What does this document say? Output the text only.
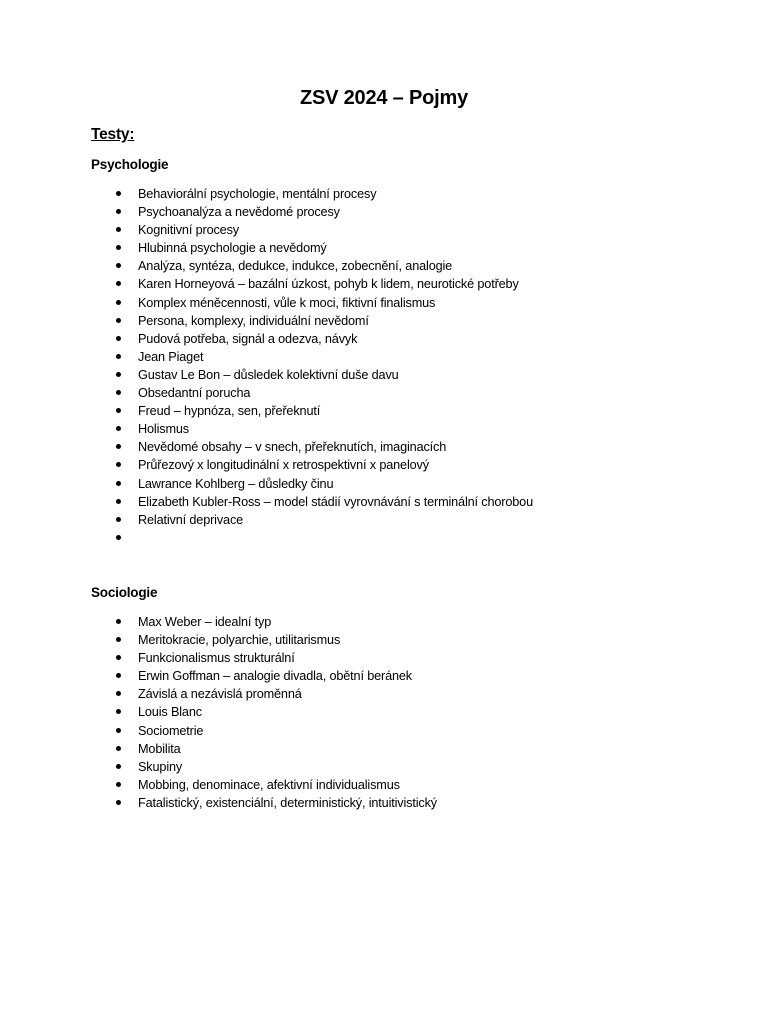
ZSV 2024 – Pojmy
Testy:
Psychologie
Behaviorální psychologie, mentální procesy
Psychoanalýza a nevědomé procesy
Kognitivní procesy
Hlubinná psychologie a nevědomý
Analýza, syntéza, dedukce, indukce, zobecnění, analogie
Karen Horneyová – bazální úzkost, pohyb k lidem, neurotické potřeby
Komplex méněcennosti, vůle k moci, fiktivní finalismus
Persona, komplexy, individuální nevědomí
Pudová potřeba, signál a odezva, návyk
Jean Piaget
Gustav Le Bon – důsledek kolektivní duše davu
Obsedantní porucha
Freud – hypnóza, sen, přeřeknutí
Holismus
Nevědomé obsahy – v snech, přeřeknutích, imaginacích
Průřezový x longitudinální x retrospektivní x panelový
Lawrance Kohlberg – důsledky činu
Elizabeth Kubler-Ross – model stádií vyrovnávání s terminální chorobou
Relativní deprivace
Sociologie
Max Weber – idealní typ
Meritokracie, polyarchie, utilitarismus
Funkcionalismus strukturální
Erwin Goffman – analogie divadla, obětní beránek
Závislá a nezávislá proměnná
Louis Blanc
Sociometrie
Mobilita
Skupiny
Mobbing, denominace, afektivní individualismus
Fatalistický, existenciální, deterministický, intuitivistický
